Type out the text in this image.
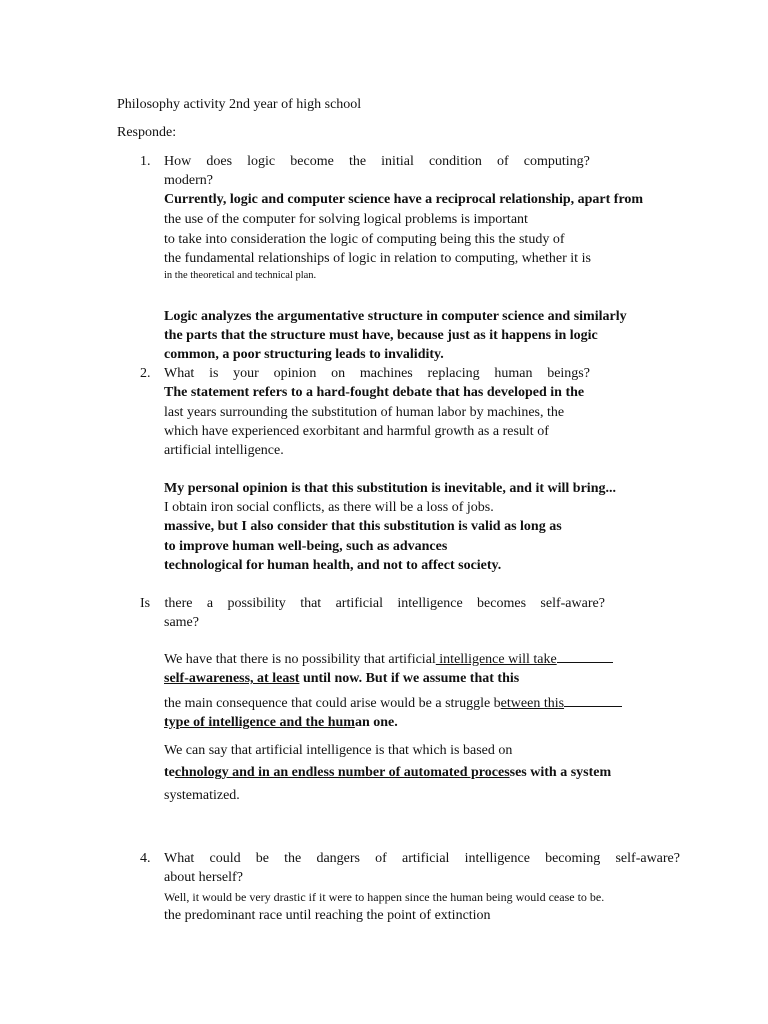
Philosophy activity 2nd year of high school
Responde:
1. How does logic become the initial condition of computing?
modern?
Currently, logic and computer science have a reciprocal relationship, apart from
the use of the computer for solving logical problems is important
to take into consideration the logic of computing being this the study of
the fundamental relationships of logic in relation to computing, whether it is
in the theoretical and technical plan.
Logic analyzes the argumentative structure in computer science and similarly
the parts that the structure must have, because just as it happens in logic
common, a poor structuring leads to invalidity.
2. What is your opinion on machines replacing human beings?
The statement refers to a hard-fought debate that has developed in the
last years surrounding the substitution of human labor by machines, the
which have experienced exorbitant and harmful growth as a result of
artificial intelligence.
My personal opinion is that this substitution is inevitable, and it will bring...
I obtain iron social conflicts, as there will be a loss of jobs.
massive, but I also consider that this substitution is valid as long as
to improve human well-being, such as advances
technological for human health, and not to affect society.
Is there a possibility that artificial intelligence becomes self-aware?
same?
We have that there is no possibility that artificial intelligence will take
self-awareness, at least until now. But if we assume that this
the main consequence that could arise would be a struggle between this
type of intelligence and the human one.
We can say that artificial intelligence is that which is based on
technology and in an endless number of automated processes with a system
systematized.
4. What could be the dangers of artificial intelligence becoming self-aware?
about herself?
Well, it would be very drastic if it were to happen since the human being would cease to be.
the predominant race until reaching the point of extinction
